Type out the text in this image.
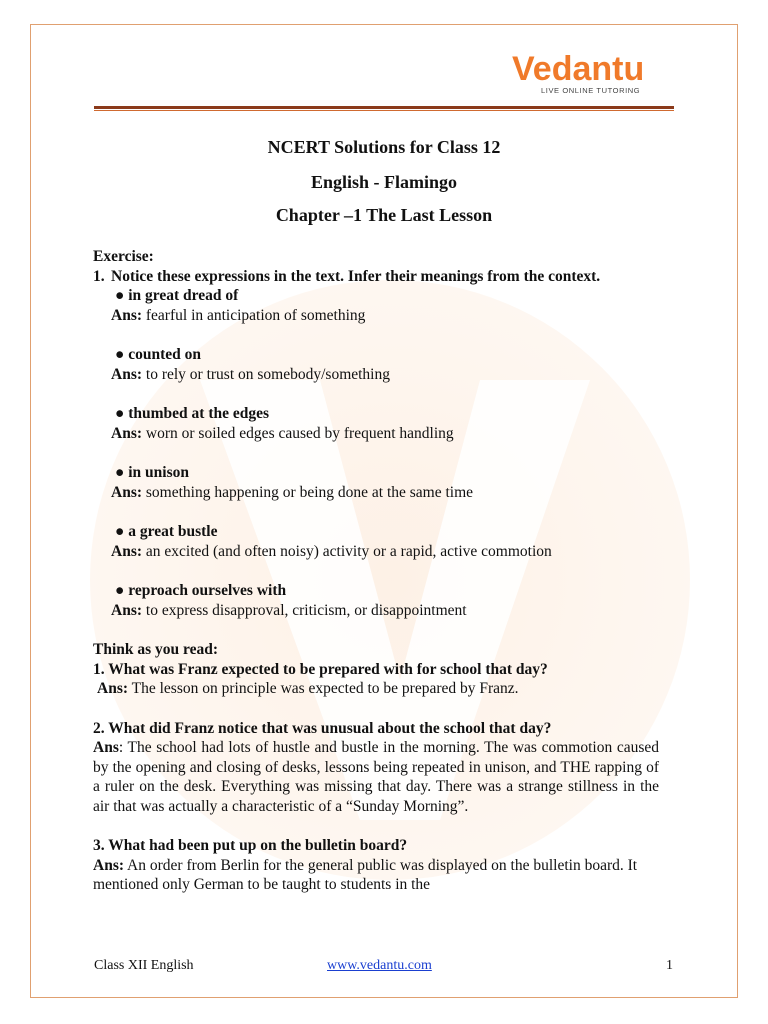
Vedantu
LIVE ONLINE TUTORING
NCERT Solutions for Class 12
English - Flamingo
Chapter –1 The Last Lesson

Exercise:

1. Notice these expressions in the text. Infer their meanings from the context.

● in great dread of

Ans: fearful in anticipation of something

● counted on

Ans: to rely or trust on somebody/something

● thumbed at the edges

Ans: worn or soiled edges caused by frequent handling

● in unison

Ans: something happening or being done at the same time

● a great bustle

Ans: an excited (and often noisy) activity or a rapid, active commotion

● reproach ourselves with

Ans: to express disapproval, criticism, or disappointment

Think as you read:

1. What was Franz expected to be prepared with for school that day?

Ans: The lesson on principle was expected to be prepared by Franz.

2. What did Franz notice that was unusual about the school that day?

Ans: The school had lots of hustle and bustle in the morning. The was commotion caused by the opening and closing of desks, lessons being repeated in unison, and THE rapping of a ruler on the desk. Everything was missing that day. There was a strange stillness in the air that was actually a characteristic of a “Sunday Morning”.

3. What had been put up on the bulletin board?

Ans: An order from Berlin for the general public was displayed on the bulletin board. It mentioned only German to be taught to students in the

Class XII English	www.vedantu.com	1
